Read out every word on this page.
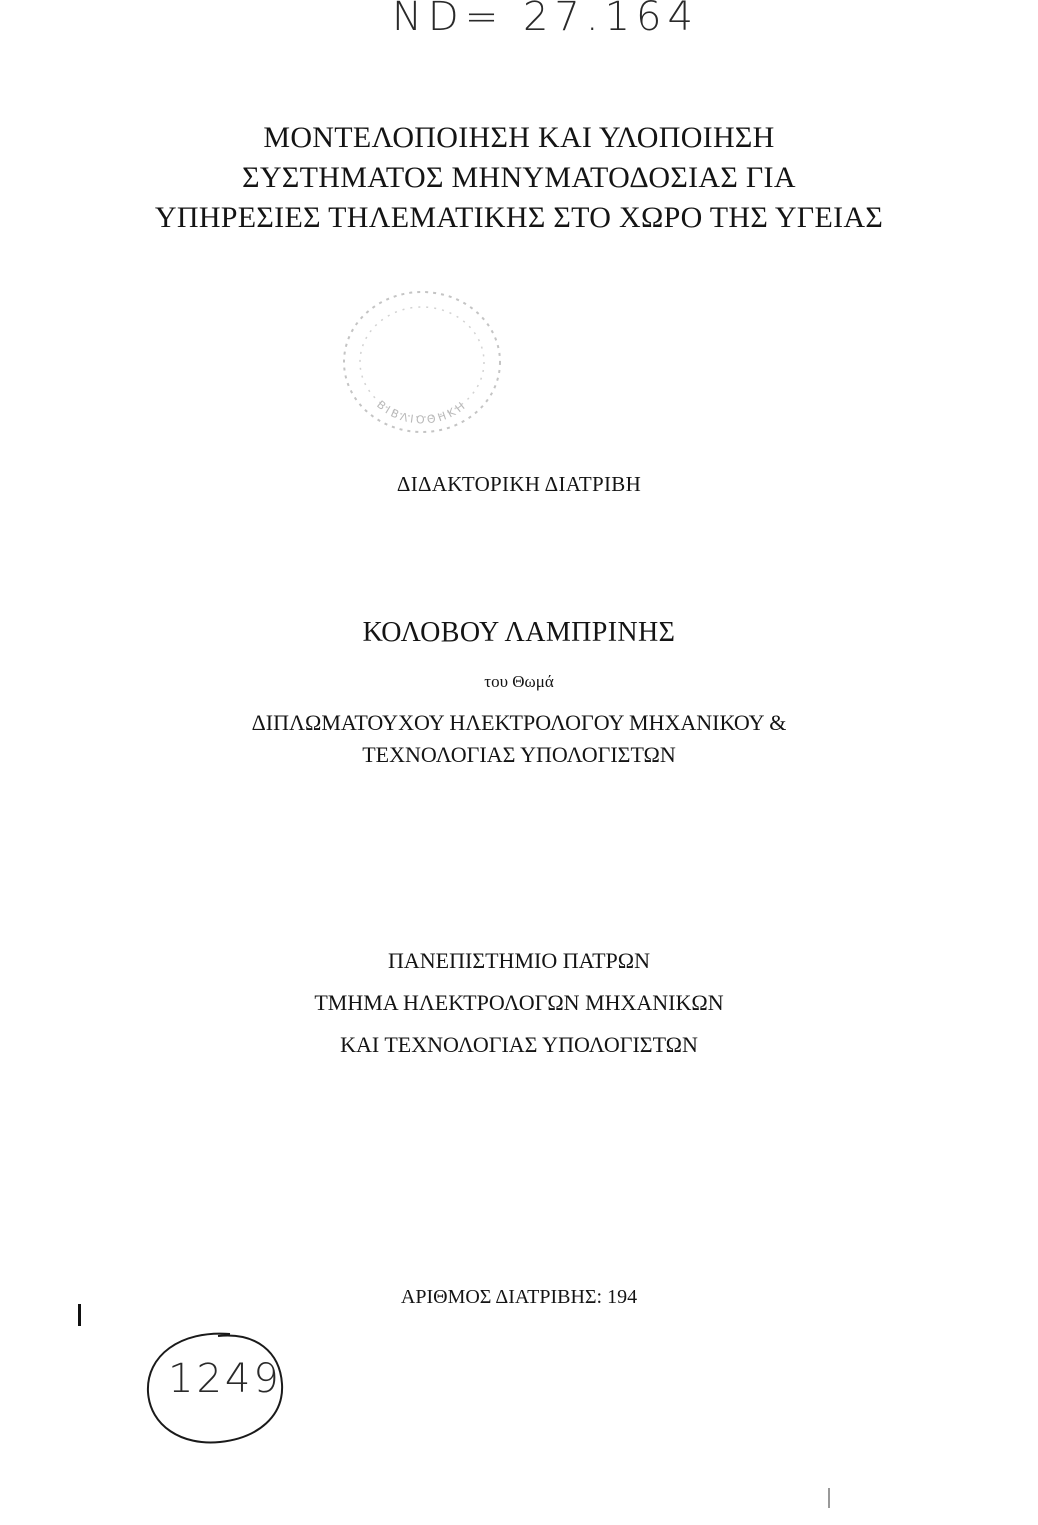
ΝD= 27.164
ΜΟΝΤΕΛΟΠΟΙΗΣΗ ΚΑΙ ΥΛΟΠΟΙΗΣΗ
ΣΥΣΤΗΜΑΤΟΣ ΜΗΝΥΜΑΤΟΔΟΣΙΑΣ ΓΙΑ
ΥΠΗΡΕΣΙΕΣ ΤΗΛΕΜΑΤΙΚΗΣ ΣΤΟ ΧΩΡΟ ΤΗΣ ΥΓΕΙΑΣ
ΒΙΒΛΙΟΘΗΚΗ
ΔΙΔΑΚΤΟΡΙΚΗ ΔΙΑΤΡΙΒΗ
ΚΟΛΟΒΟΥ ΛΑΜΠΡΙΝΗΣ
του Θωμά
ΔΙΠΛΩΜΑΤΟΥΧΟΥ ΗΛΕΚΤΡΟΛΟΓΟΥ ΜΗΧΑΝΙΚΟΥ &
ΤΕΧΝΟΛΟΓΙΑΣ ΥΠΟΛΟΓΙΣΤΩΝ
ΠΑΝΕΠΙΣΤΗΜΙΟ ΠΑΤΡΩΝ
ΤΜΗΜΑ ΗΛΕΚΤΡΟΛΟΓΩΝ ΜΗΧΑΝΙΚΩΝ
ΚΑΙ ΤΕΧΝΟΛΟΓΙΑΣ ΥΠΟΛΟΓΙΣΤΩΝ
ΑΡΙΘΜΟΣ ΔΙΑΤΡΙΒΗΣ: 194
1249
